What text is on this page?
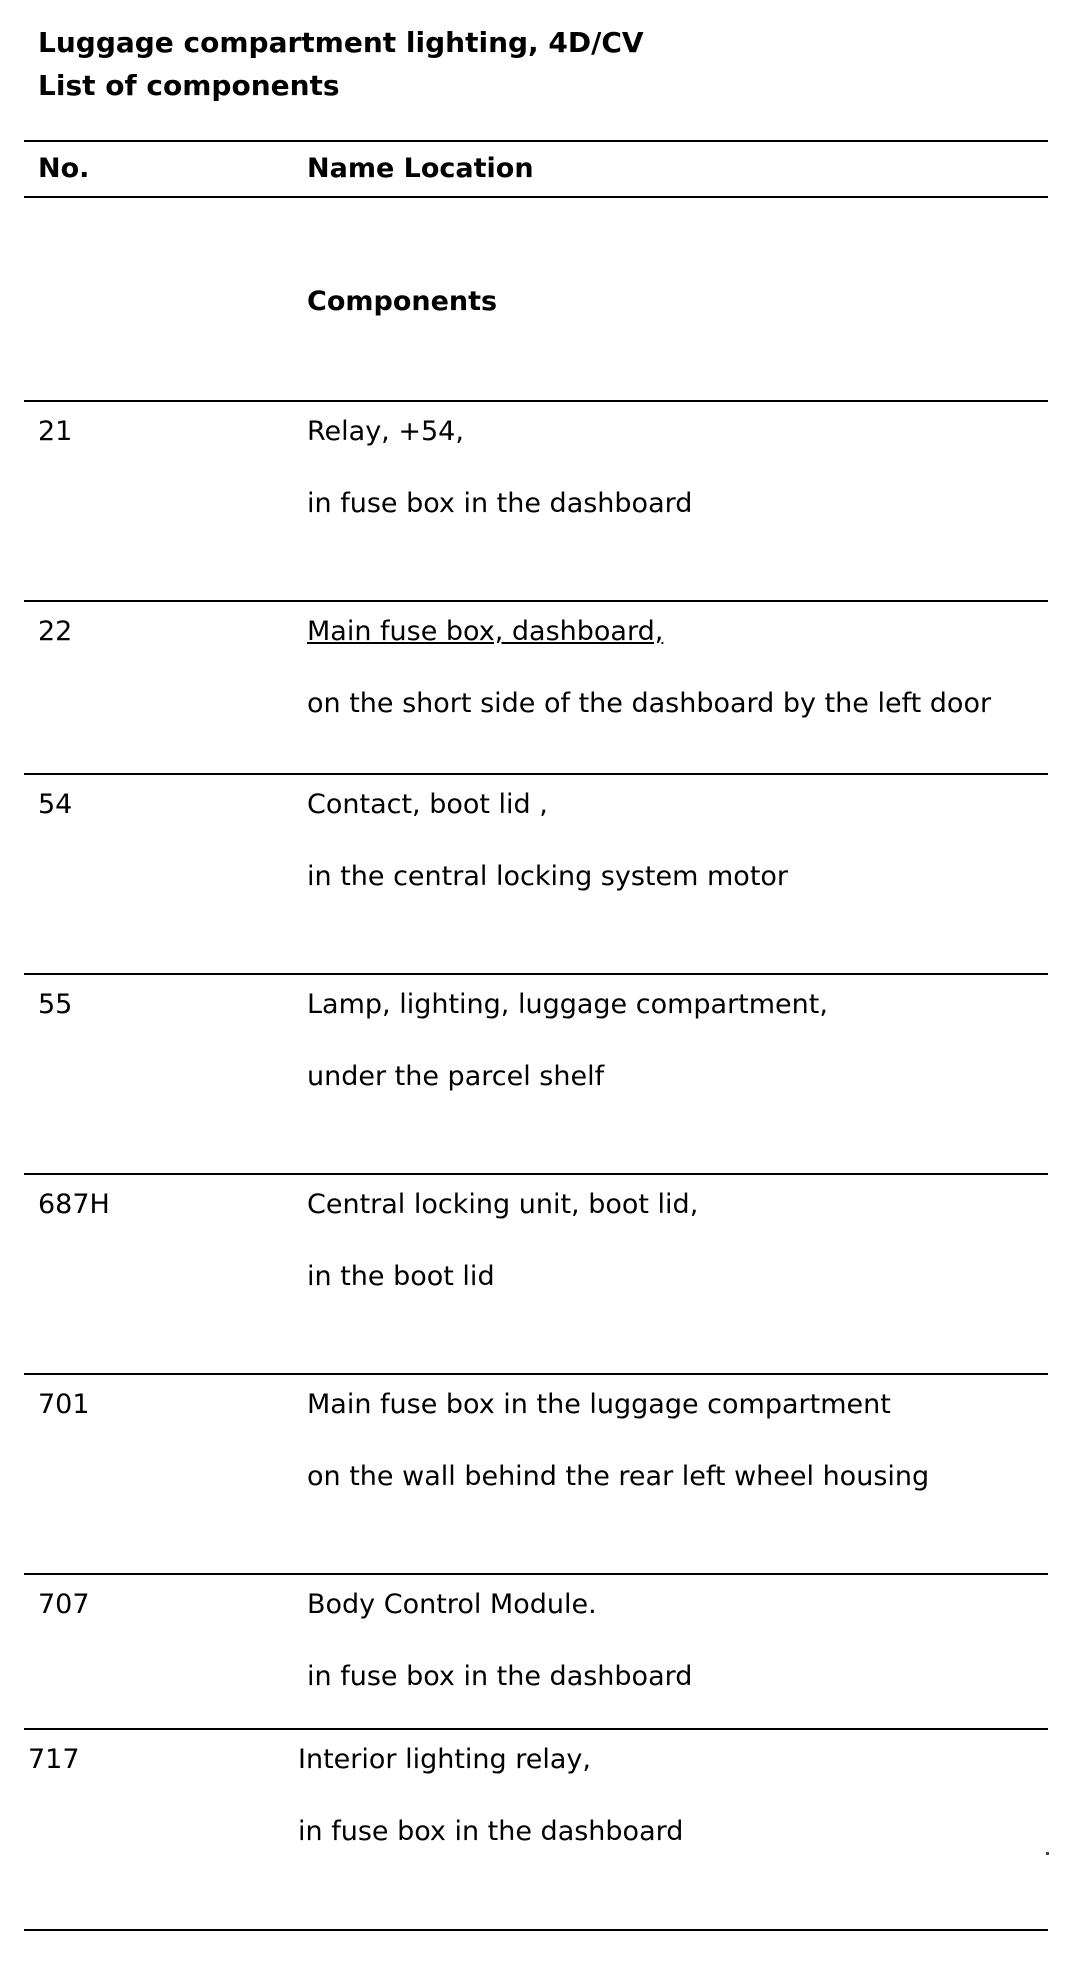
Luggage compartment lighting, 4D/CV
List of components
No.	Name Location
Components
21	Relay, +54,
in fuse box in the dashboard
22	Main fuse box, dashboard,
on the short side of the dashboard by the left door
54	Contact, boot lid ,
in the central locking system motor
55	Lamp, lighting, luggage compartment,
under the parcel shelf
687H	Central locking unit, boot lid,
in the boot lid
701	Main fuse box in the luggage compartment
on the wall behind the rear left wheel housing
707	Body Control Module.
in fuse box in the dashboard
717	Interior lighting relay,
in fuse box in the dashboard
